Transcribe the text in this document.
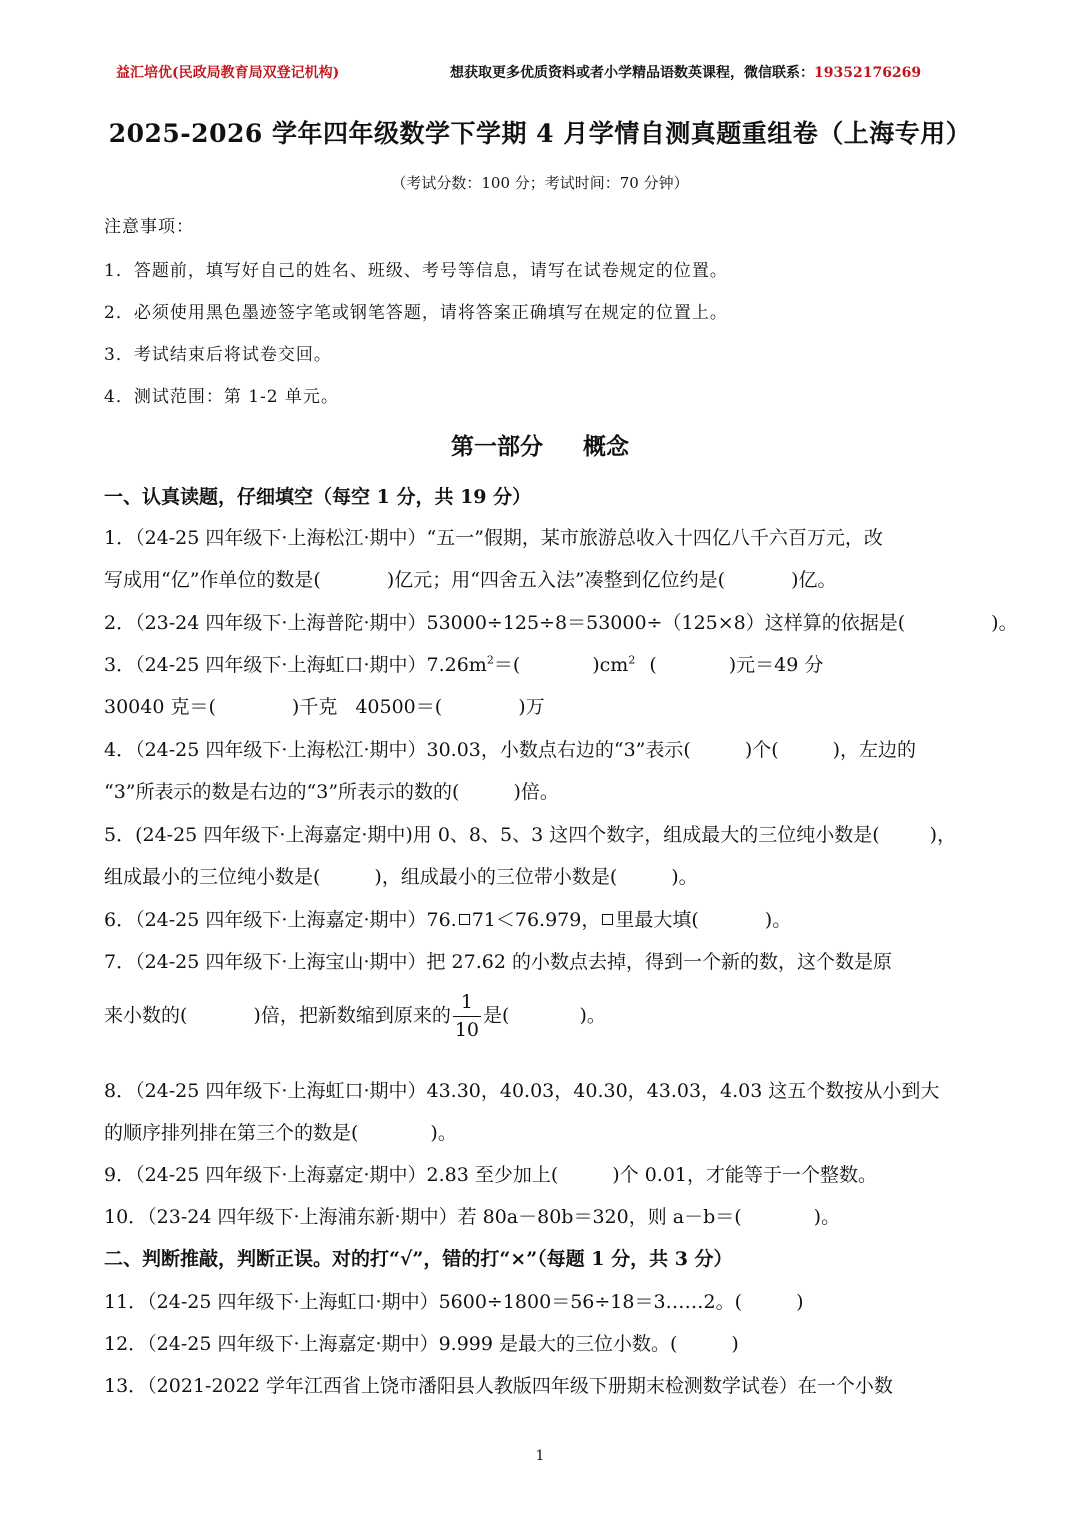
益汇培优(民政局教育局双登记机构)	想获取更多优质资料或者小学精品语数英课程，微信联系：19352176269
2025-2026 学年四年级数学下学期 4 月学情自测真题重组卷（上海专用）
（考试分数：100 分；考试时间：70 分钟）
注意事项：
1．答题前，填写好自己的姓名、班级、考号等信息，请写在试卷规定的位置。
2．必须使用黑色墨迹签字笔或钢笔答题，请将答案正确填写在规定的位置上。
3．考试结束后将试卷交回。
4．测试范围：第 1-2 单元。
第一部分 概念
一、认真读题，仔细填空（每空 1 分，共 19 分）
1．（24-25 四年级下·上海松江·期中）“五一”假期，某市旅游总收入十四亿八千六百万元，改
写成用“亿”作单位的数是(	)亿元；用“四舍五入法”凑整到亿位约是(	)亿。
2．（23-24 四年级下·上海普陀·期中）53000÷125÷8＝53000÷（125×8）这样算的依据是(	)。
3．（24-25 四年级下·上海虹口·期中）$7.26m^2=$(	)$cm^2$ (	)元＝49 分
30040 克＝(	)千克 40500＝(	)万
4．（24-25 四年级下·上海松江·期中）30.03，小数点右边的“3”表示(	)个(	)，左边的
“3”所表示的数是右边的“3”所表示的数的(	)倍。
5．(24-25 四年级下·上海嘉定·期中)用 0、8、5、3 这四个数字，组成最大的三位纯小数是(	)，
组成最小的三位纯小数是(	)，组成最小的三位带小数是(	)。
6．（24-25 四年级下·上海嘉定·期中）76. 71＜76.979， 里最大填(	)。
7．（24-25 四年级下·上海宝山·期中）把 27.62 的小数点去掉，得到一个新的数，这个数是原
来小数的(	)倍，把新数缩到原来的 $\frac{1}{10}$ 是(	)。
8．（24-25 四年级下·上海虹口·期中）43.30，40.03，40.30，43.03，4.03 这五个数按从小到大
的顺序排列排在第三个的数是(	)。
9．（24-25 四年级下·上海嘉定·期中）2.83 至少加上(	)个 0.01，才能等于一个整数。
10．（23-24 四年级下·上海浦东新·期中）若 80a－80b＝320，则 a－b＝(	)。
二、判断推敲，判断正误。对的打“√”，错的打“×”（每题 1 分，共 3 分）
11．（24-25 四年级下·上海虹口·期中）5600÷1800＝56÷18＝3……2。(	)
12．（24-25 四年级下·上海嘉定·期中）9.999 是最大的三位小数。(	)
13．（2021-2022 学年江西省上饶市潘阳县人教版四年级下册期末检测数学试卷）在一个小数
1
